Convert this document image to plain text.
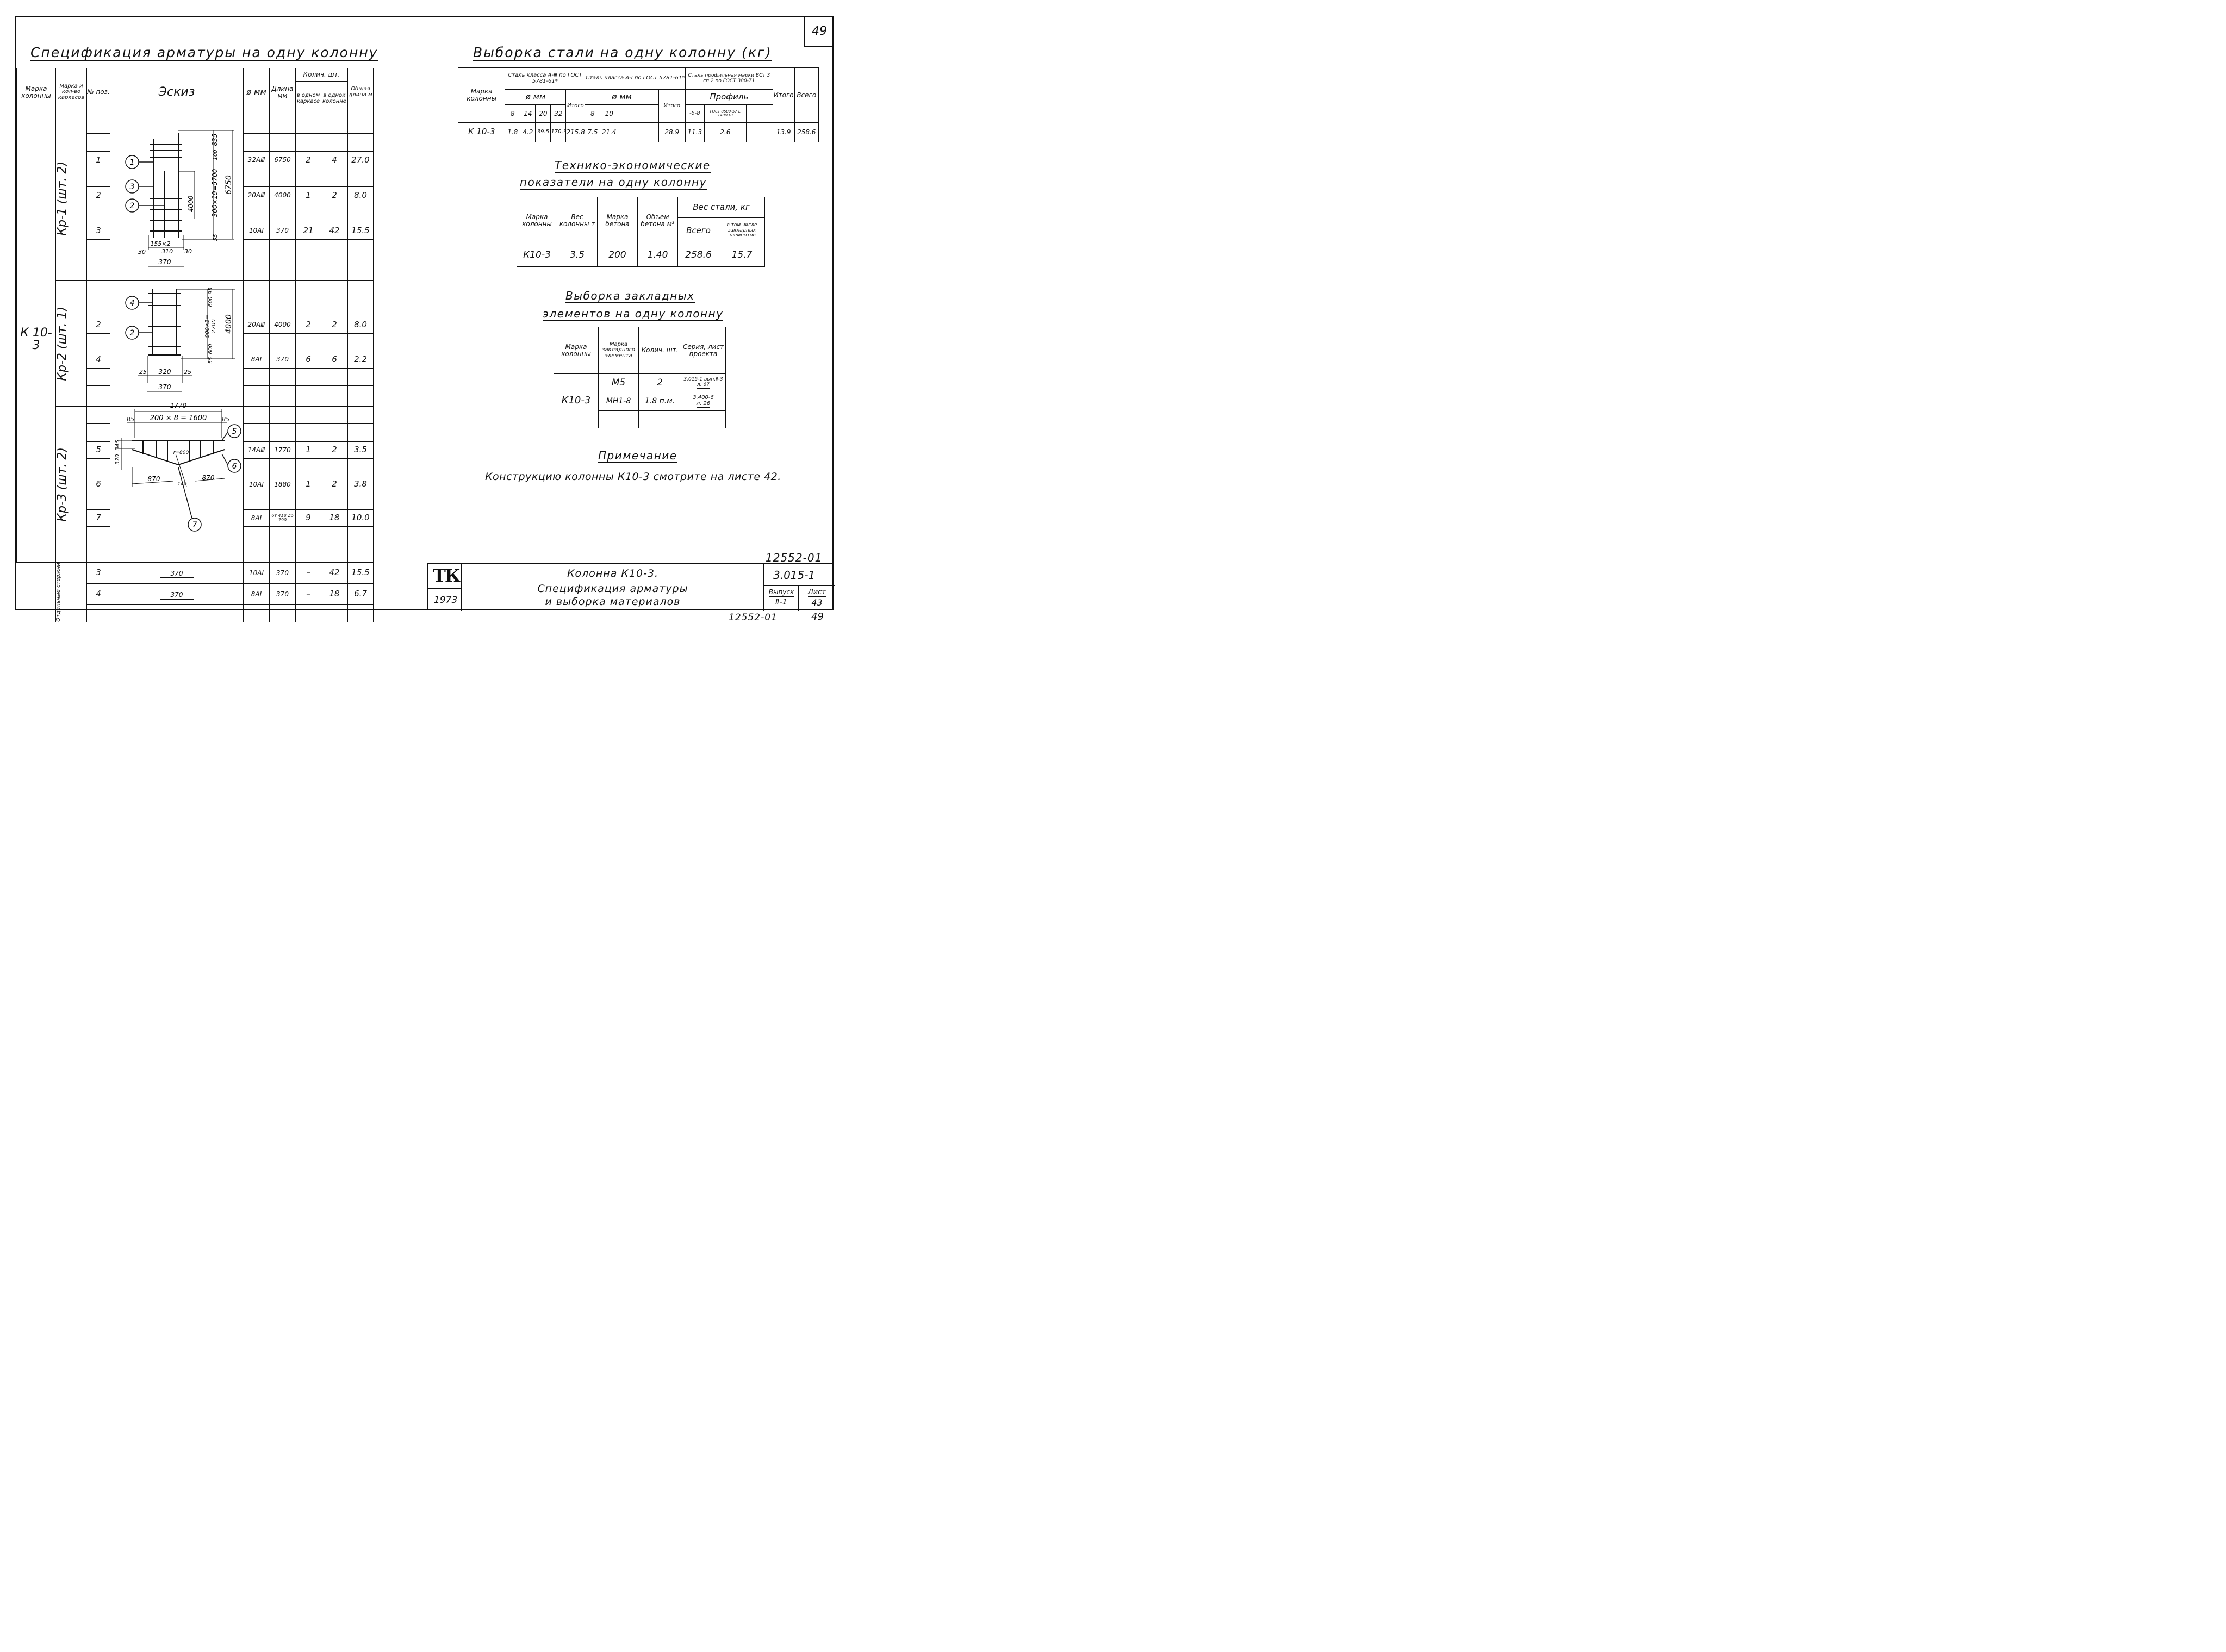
49
Спецификация арматуры на одну колонну
Марка колонны	Марка и кол-во каркасов	№ поз.	Эскиз	ø мм	Длина мм	Колич. шт.		Общая длина м
						в одном каркасе	в одной колонне	
К 10-3	Кр-1 (шт. 2)							

		1		32АⅢ	6750	2	4	27.0

		2		20АⅢ	4000	1	2	8.0

		3		10АI	370	21	42	15.5

	Кр-2 (шт. 1)							

		2		20АⅢ	4000	2	2	8.0

		4		8АI	370	6	6	2.2

	Кр-3 (шт. 2)							

		5		14АⅢ	1770	1	2	3.5

		6		10АI	1880	1	2	3.8

		7		8АI	от 418 до 790	9	18	10.0

	Отдельные стержни	3	370	10АI	370	–	42	15.5
		4	370	8АI	370	–	18	6.7

1
3
2
835
100
300×19=5700 6750
4000
55
155×2
=310
30	30
370
4
2
95
600
900×3= 2700
600
55
4000
25 320 25
370
5
6
7
1770
85 200 × 8 = 1600	85
345
320
r=800
870
140
870
Выборка стали на одну колонну (кг)
Марка колонны	Сталь класса А-Ⅲ по ГОСТ 5781-61*					Сталь класса А-I по ГОСТ 5781-61*					Сталь профильная марки ВСт 3 сп 2 по ГОСТ 380-71			Итого	Всего
	ø мм				Итого	ø мм				Итого	Профиль				
	8	14	20	32		8	10				-δ-8	ГОСТ 8509-57 L 140×10			
К 10-3	1.8	4.2	39.5	170.3	215.8	7.5	21.4			28.9	11.3	2.6		13.9	258.6
Технико-экономические
показатели на одну колонну
Марка колонны	Вес колонны т	Марка бетона	Объем бетона м³	Вес стали, кг	
				Всего	в том числе закладных элементов
К10-3	3.5	200	1.40	258.6	15.7
Выборка закладных
элементов на одну колонну
Марка колонны	Марка закладного элемента	Колич. шт.	Серия, лист проекта
К10-3	М5	2	3.015-1 вып.Ⅱ-3
л. 67
	МН1-8	1.8 п.м.	3.400-6
л. 26

Примечание
Конструкцию колонны К10-3 смотрите на листе 42.
12552-01
ТК
1973
Колонна К10-3.
Спецификация арматуры
и выборка материалов
3.015-1
Выпуск
Ⅱ-1
Лист
43
12552-01	49
